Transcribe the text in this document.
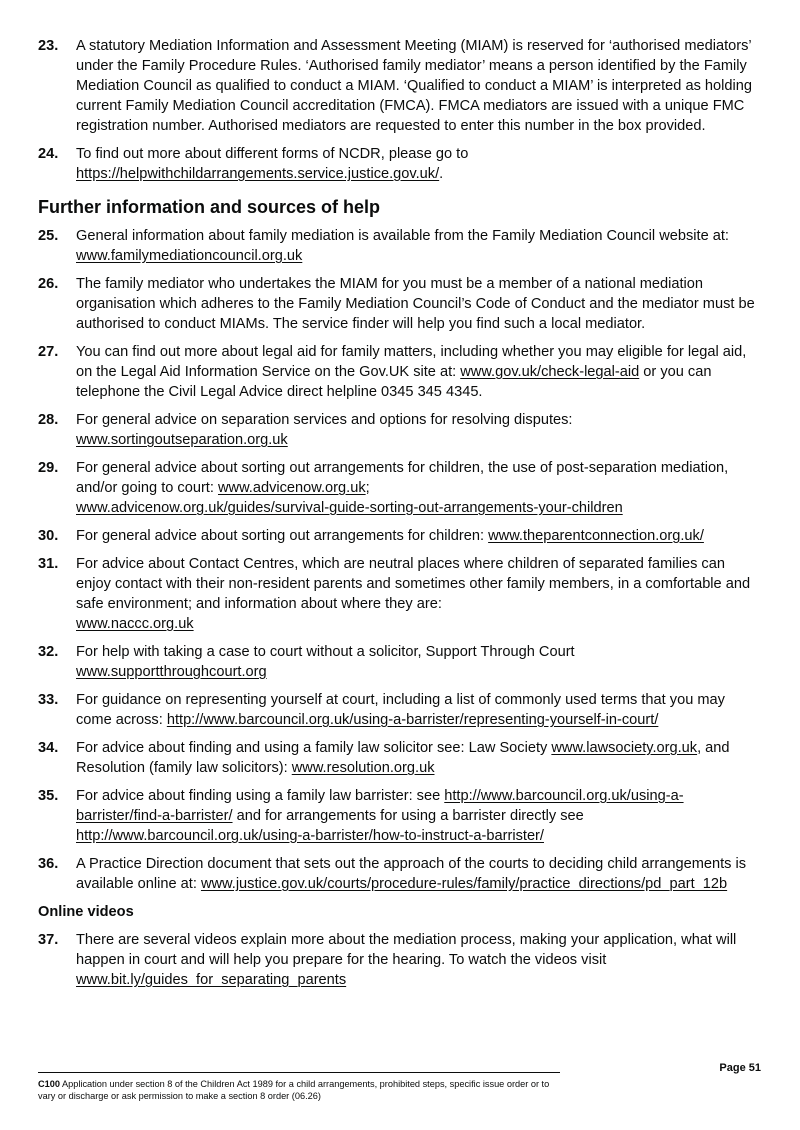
23.	A statutory Mediation Information and Assessment Meeting (MIAM) is reserved for ‘authorised mediators’ under the Family Procedure Rules. ‘Authorised family mediator’ means a person identified by the Family Mediation Council as qualified to conduct a MIAM. ‘Qualified to conduct a MIAM’ is interpreted as holding current Family Mediation Council accreditation (FMCA). FMCA mediators are issued with a unique FMC registration number. Authorised mediators are requested to enter this number in the box provided.
24.	To find out more about different forms of NCDR, please go to
https://helpwithchildarrangements.service.justice.gov.uk/.
Further information and sources of help
25.	General information about family mediation is available from the Family Mediation Council website at: www.familymediationcouncil.org.uk
26.	The family mediator who undertakes the MIAM for you must be a member of a national mediation organisation which adheres to the Family Mediation Council’s Code of Conduct and the mediator must be authorised to conduct MIAMs. The service finder will help you find such a local mediator.
27.	You can find out more about legal aid for family matters, including whether you may eligible for legal aid, on the Legal Aid Information Service on the Gov.UK site at: www.gov.uk/check-legal-aid or you can telephone the Civil Legal Advice direct helpline 0345 345 4345.
28.	For general advice on separation services and options for resolving disputes:
www.sortingoutseparation.org.uk
29.	For general advice about sorting out arrangements for children, the use of post-separation mediation, and/or going to court: www.advicenow.org.uk;
www.advicenow.org.uk/guides/survival-guide-sorting-out-arrangements-your-children
30.	For general advice about sorting out arrangements for children: www.theparentconnection.org.uk/
31.	For advice about Contact Centres, which are neutral places where children of separated families can enjoy contact with their non-resident parents and sometimes other family members, in a comfortable and safe environment; and information about where they are:
www.naccc.org.uk
32.	For help with taking a case to court without a solicitor, Support Through Court
www.supportthroughcourt.org
33.	For guidance on representing yourself at court, including a list of commonly used terms that you may come across: http://www.barcouncil.org.uk/using-a-barrister/representing-yourself-in-court/
34.	For advice about finding and using a family law solicitor see: Law Society www.lawsociety.org.uk, and Resolution (family law solicitors): www.resolution.org.uk
35.	For advice about finding using a family law barrister: see http://www.barcouncil.org.uk/using-a-barrister/find-a-barrister/ and for arrangements for using a barrister directly see http://www.barcouncil.org.uk/using-a-barrister/how-to-instruct-a-barrister/
36.	A Practice Direction document that sets out the approach of the courts to deciding child arrangements is available online at: www.justice.gov.uk/courts/procedure-rules/family/practice_directions/pd_part_12b
Online videos
37.	There are several videos explain more about the mediation process, making your application, what will happen in court and will help you prepare for the hearing. To watch the videos visit www.bit.ly/guides_for_separating_parents
Page 51
C100 Application under section 8 of the Children Act 1989 for a child arrangements, prohibited steps, specific issue order or to vary or discharge or ask permission to make a section 8 order (06.26)
